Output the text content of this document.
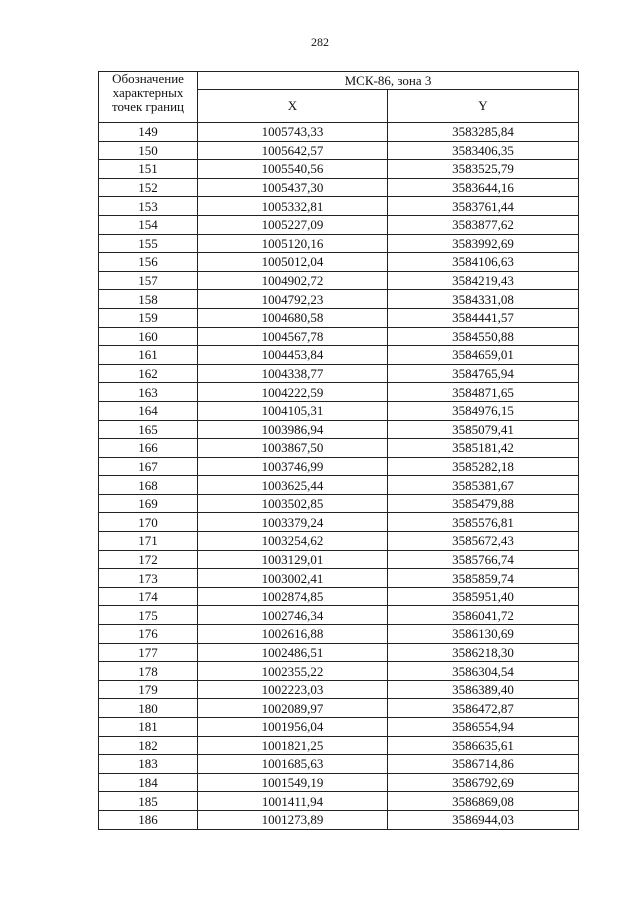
282
Обозначение
характерных
точек границ	МСК-86, зона 3	
	X	Y
149	1005743,33	3583285,84
150	1005642,57	3583406,35
151	1005540,56	3583525,79
152	1005437,30	3583644,16
153	1005332,81	3583761,44
154	1005227,09	3583877,62
155	1005120,16	3583992,69
156	1005012,04	3584106,63
157	1004902,72	3584219,43
158	1004792,23	3584331,08
159	1004680,58	3584441,57
160	1004567,78	3584550,88
161	1004453,84	3584659,01
162	1004338,77	3584765,94
163	1004222,59	3584871,65
164	1004105,31	3584976,15
165	1003986,94	3585079,41
166	1003867,50	3585181,42
167	1003746,99	3585282,18
168	1003625,44	3585381,67
169	1003502,85	3585479,88
170	1003379,24	3585576,81
171	1003254,62	3585672,43
172	1003129,01	3585766,74
173	1003002,41	3585859,74
174	1002874,85	3585951,40
175	1002746,34	3586041,72
176	1002616,88	3586130,69
177	1002486,51	3586218,30
178	1002355,22	3586304,54
179	1002223,03	3586389,40
180	1002089,97	3586472,87
181	1001956,04	3586554,94
182	1001821,25	3586635,61
183	1001685,63	3586714,86
184	1001549,19	3586792,69
185	1001411,94	3586869,08
186	1001273,89	3586944,03
